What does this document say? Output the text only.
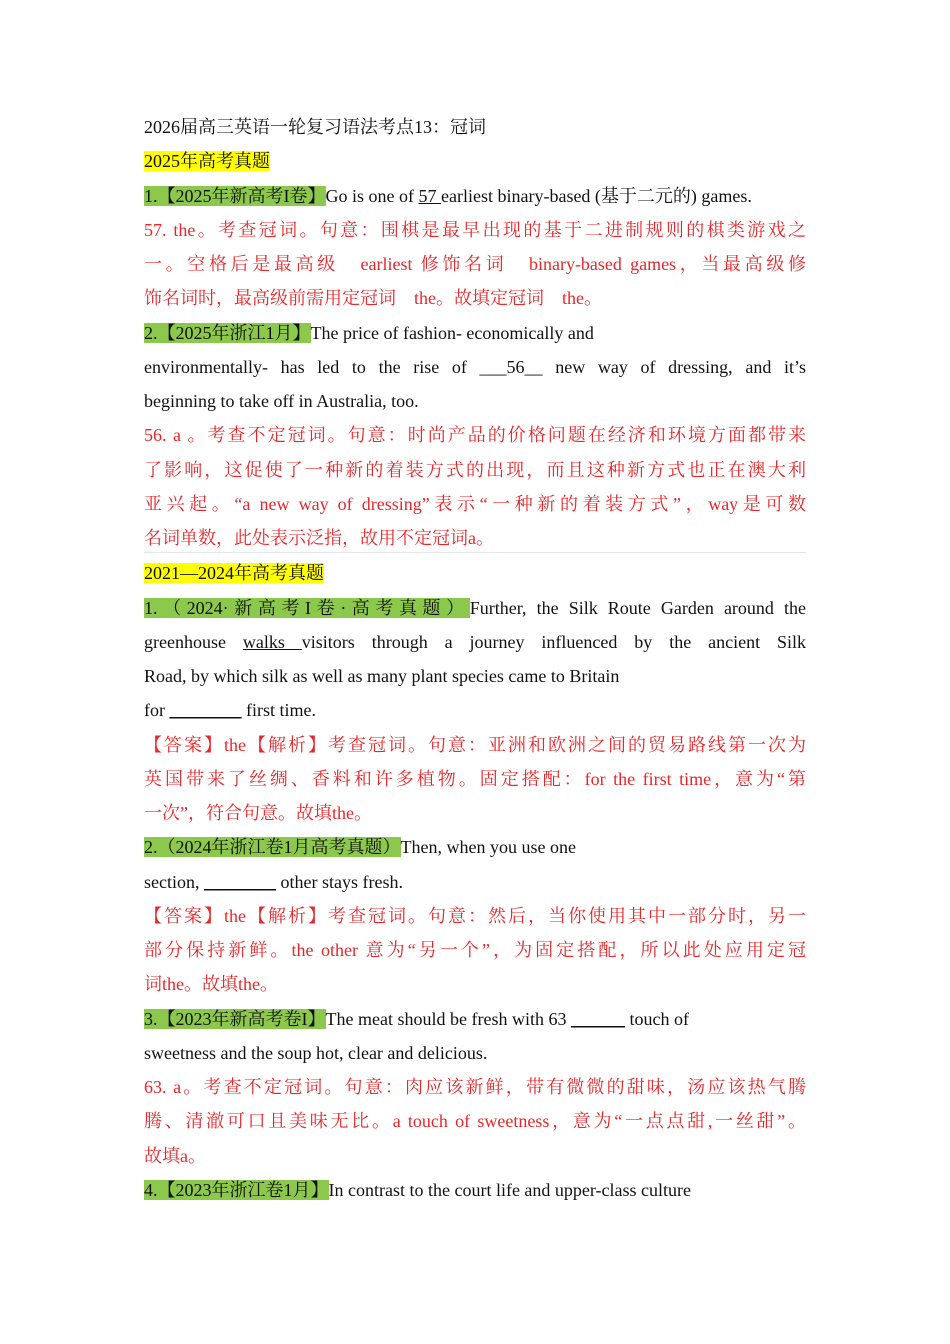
2026届高三英语一轮复习语法考点13：冠词
2025年高考真题
1.【2025年新高考I卷】Go is one of 57 earliest binary-based (基于二元的) games.
57. the。考查冠词。句意：围棋是最早出现的基于二进制规则的棋类游戏之
一。空格后是最高级　earliest 修饰名词　binary-based games，当最高级修
饰名词时，最高级前需用定冠词　the。故填定冠词　the。
2.【2025年浙江1月】The price of fashion- economically and
environmentally- has led to the rise of ___56__ new way of dressing, and it’s
beginning to take off in Australia, too.
56. a 。考查不定冠词。句意：时尚产品的价格问题在经济和环境方面都带来
了影响，这促使了一种新的着装方式的出现，而且这种新方式也正在澳大利
亚兴起。“a new way of dressing”表示“一种新的着装方式”，way是可数
名词单数，此处表示泛指，故用不定冠词a。
2021—2024年高考真题
1.（2024·新高考I卷·高考真题）Further, the Silk Route Garden around the
greenhouse walks visitors through a journey influenced by the ancient Silk
Road, by which silk as well as many plant species came to Britain
for ________ first time.
【答案】the【解析】考查冠词。句意：亚洲和欧洲之间的贸易路线第一次为
英国带来了丝绸、香料和许多植物。固定搭配：for the first time，意为“第
一次”，符合句意。故填the。
2.（2024年浙江卷1月高考真题）Then, when you use one
section, ________ other stays fresh.
【答案】the【解析】考查冠词。句意：然后，当你使用其中一部分时，另一
部分保持新鲜。the other 意为“另一个”，为固定搭配，所以此处应用定冠
词the。故填the。
3.【2023年新高考卷I】The meat should be fresh with 63 ______ touch of
sweetness and the soup hot, clear and delicious.
63. a。考查不定冠词。句意：肉应该新鲜，带有微微的甜味，汤应该热气腾
腾、清澈可口且美味无比。a touch of sweetness，意为“一点点甜,一丝甜”。
故填a。
4.【2023年浙江卷1月】In contrast to the court life and upper-class culture
